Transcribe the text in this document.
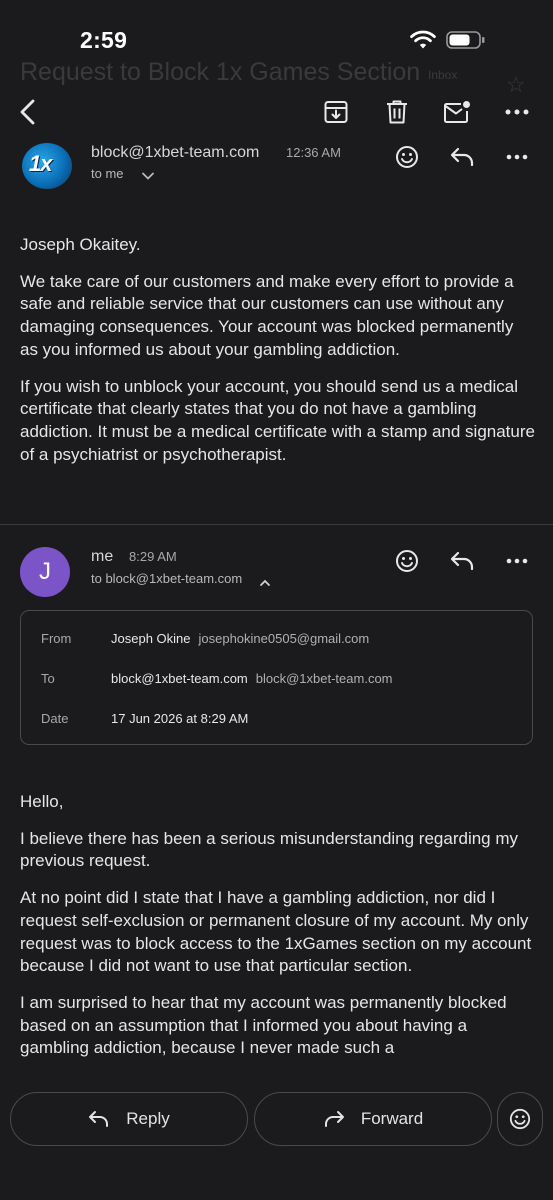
2:59
Request to Block 1x Games Section Inbox ☆
1x block@1xbet-team.com 12:36 AM
to me

Joseph Okaitey.

We take care of our customers and make every effort to provide a safe and reliable service that our customers can use without any damaging consequences. Your account was blocked permanently as you informed us about your gambling addiction.

If you wish to unblock your account, you should send us a medical certificate that clearly states that you do not have a gambling addiction. It must be a medical certificate with a stamp and signature of a psychiatrist or psychotherapist.

J
me 8:29 AM
to block@1xbet-team.com
From	Joseph Okine josephokine0505@gmail.com
To	block@1xbet-team.com block@1xbet-team.com
Date	17 Jun 2026 at 8:29 AM

Hello,

I believe there has been a serious misunderstanding regarding my previous request.

At no point did I state that I have a gambling addiction, nor did I request self-exclusion or permanent closure of my account. My only request was to block access to the 1xGames section on my account because I did not want to use that particular section.

I am surprised to hear that my account was permanently blocked based on an assumption that I informed you about having a gambling addiction, because I never made such a

Reply	Forward
